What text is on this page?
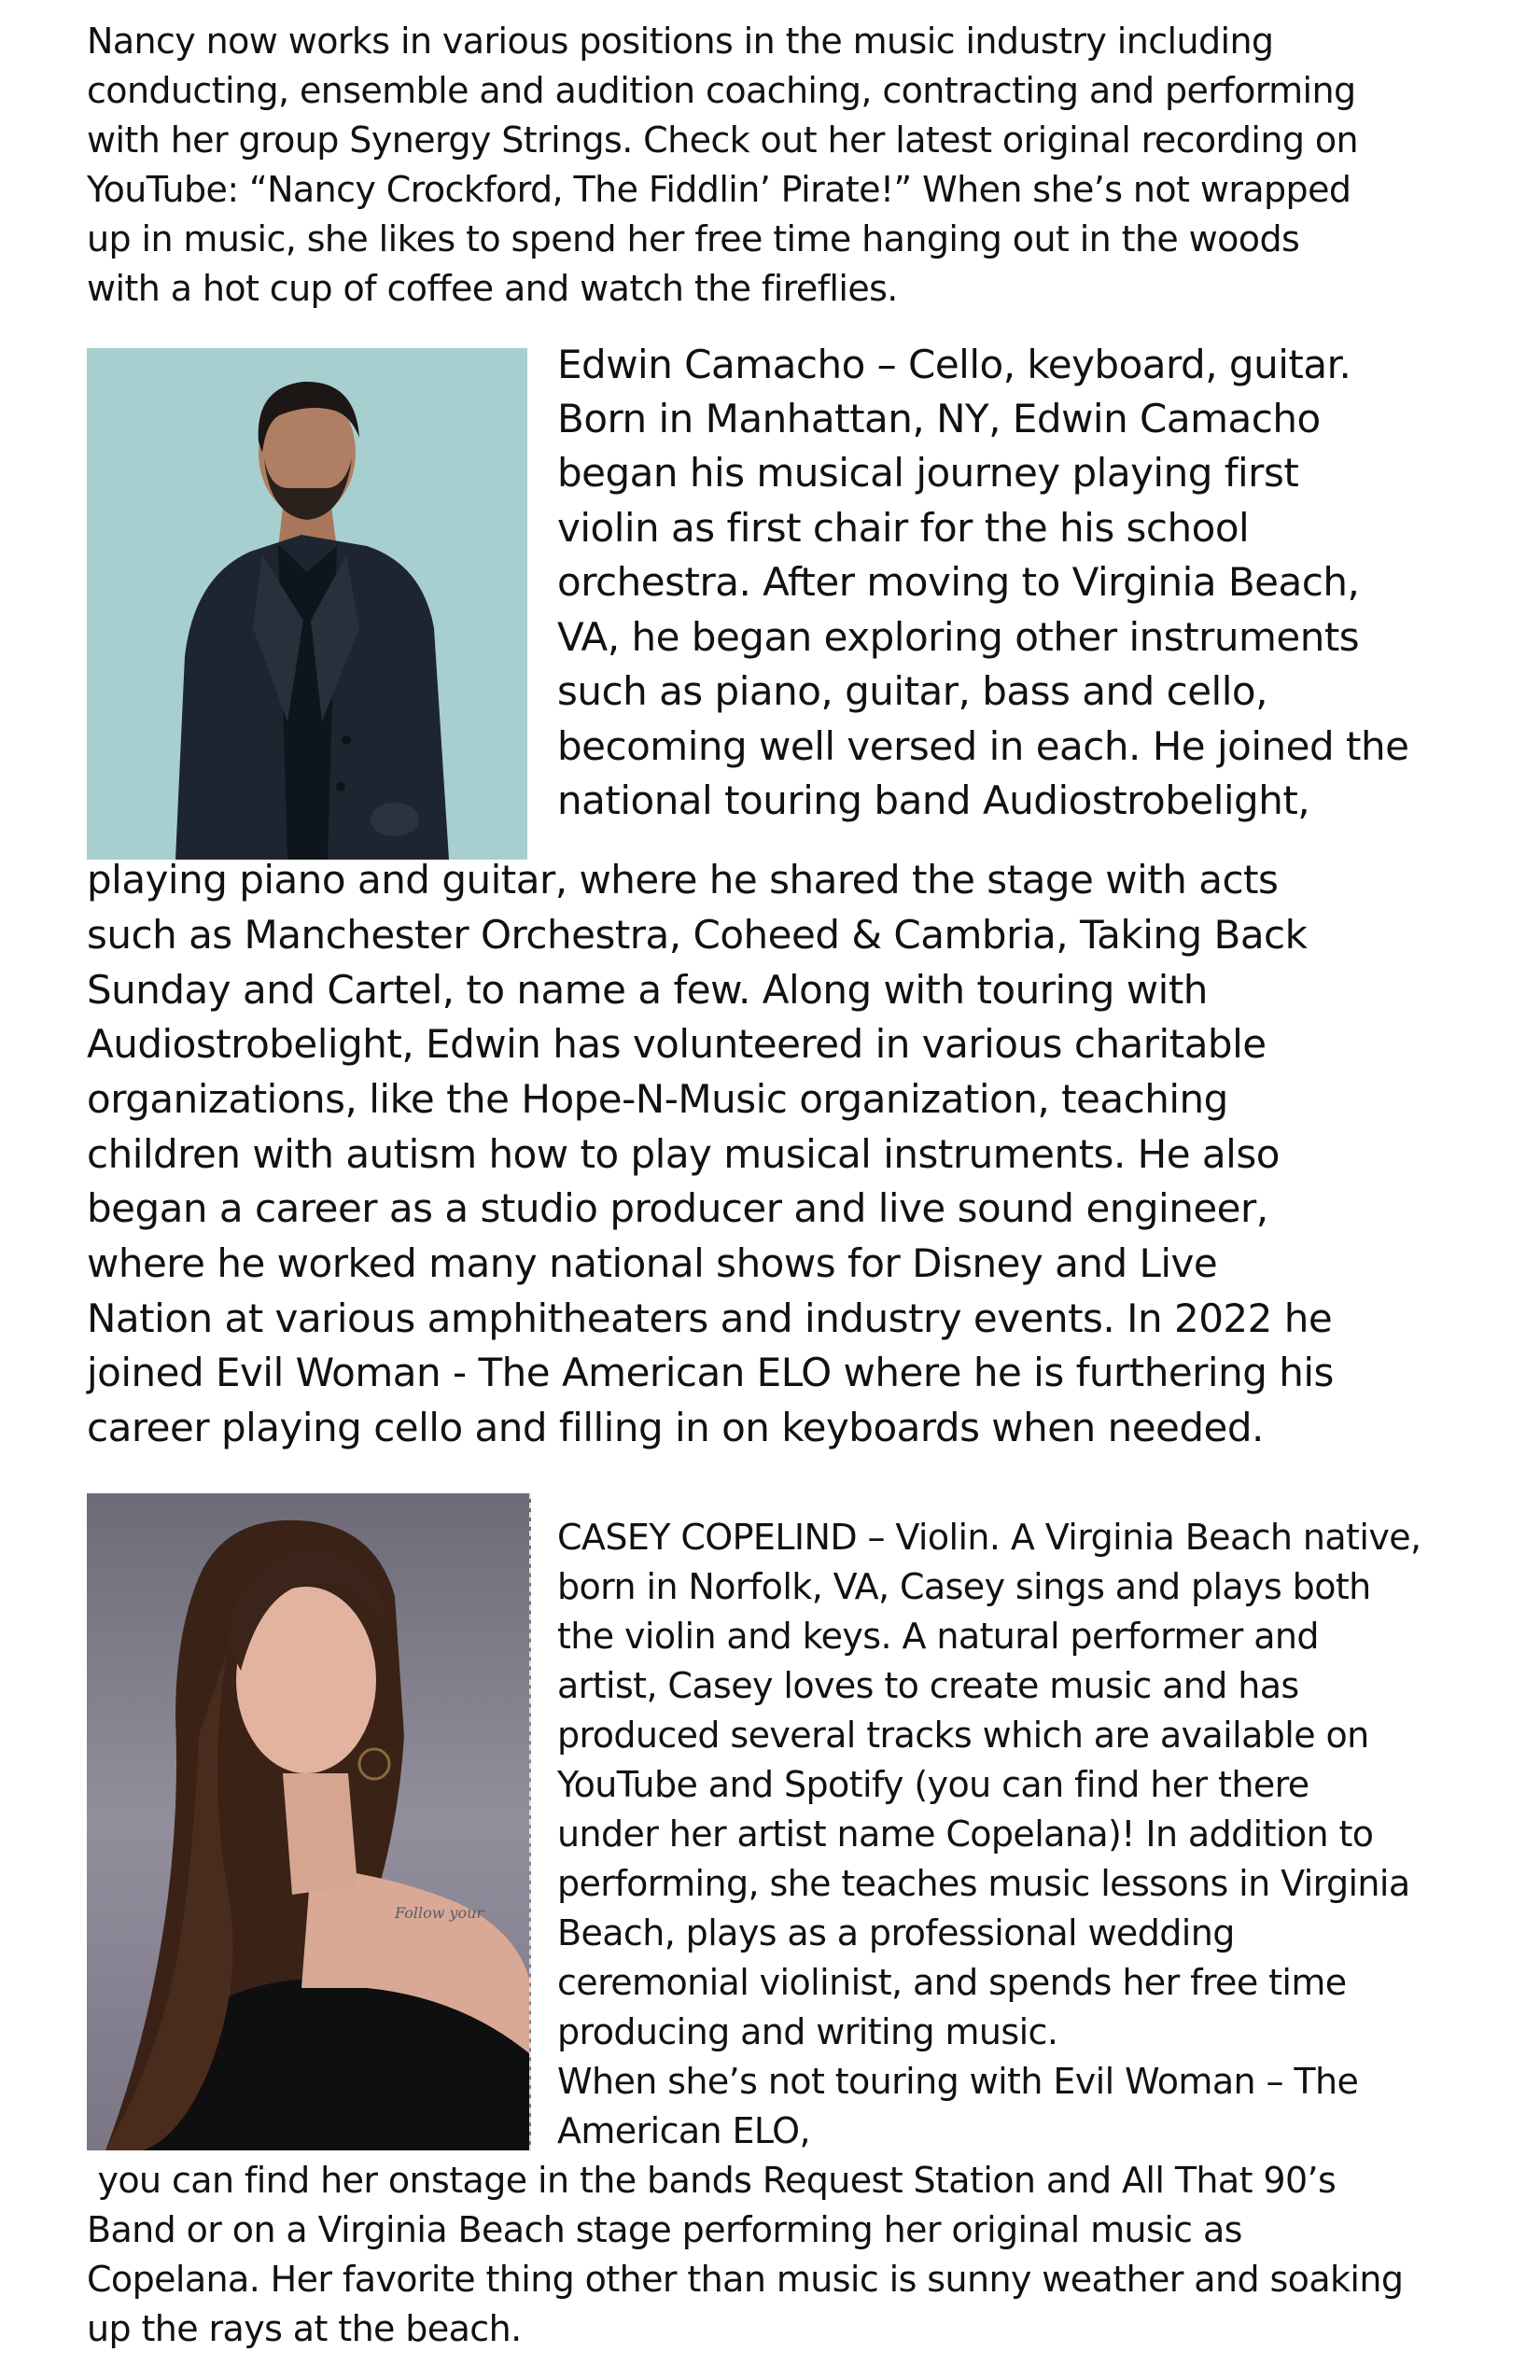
Nancy now works in various positions in the music industry including

conducting, ensemble and audition coaching, contracting and performing

with her group Synergy Strings. Check out her latest original recording on

YouTube: “Nancy Crockford, The Fiddlin’ Pirate!” When she’s not wrapped

up in music, she likes to spend her free time hanging out in the woods

with a hot cup of coffee and watch the fireflies.

Edwin Camacho – Cello, keyboard, guitar.

Born in Manhattan, NY, Edwin Camacho

began his musical journey playing first

violin as first chair for the his school

orchestra. After moving to Virginia Beach,

VA, he began exploring other instruments

such as piano, guitar, bass and cello,

becoming well versed in each. He joined the

national touring band Audiostrobelight,

playing piano and guitar, where he shared the stage with acts

such as Manchester Orchestra, Coheed & Cambria, Taking Back

Sunday and Cartel, to name a few. Along with touring with

Audiostrobelight, Edwin has volunteered in various charitable

organizations, like the Hope-N-Music organization, teaching

children with autism how to play musical instruments. He also

began a career as a studio producer and live sound engineer,

where he worked many national shows for Disney and Live

Nation at various amphitheaters and industry events. In 2022 he

joined Evil Woman - The American ELO where he is furthering his

career playing cello and filling in on keyboards when needed.

Follow your

CASEY COPELIND – Violin. A Virginia Beach native,

born in Norfolk, VA, Casey sings and plays both

the violin and keys. A natural performer and

artist, Casey loves to create music and has

produced several tracks which are available on

YouTube and Spotify (you can find her there

under her artist name Copelana)! In addition to

performing, she teaches music lessons in Virginia

Beach, plays as a professional wedding

ceremonial violinist, and spends her free time

producing and writing music.

When she’s not touring with Evil Woman – The

American ELO,

you can find her onstage in the bands Request Station and All That 90’s

Band or on a Virginia Beach stage performing her original music as

Copelana. Her favorite thing other than music is sunny weather and soaking

up the rays at the beach.
